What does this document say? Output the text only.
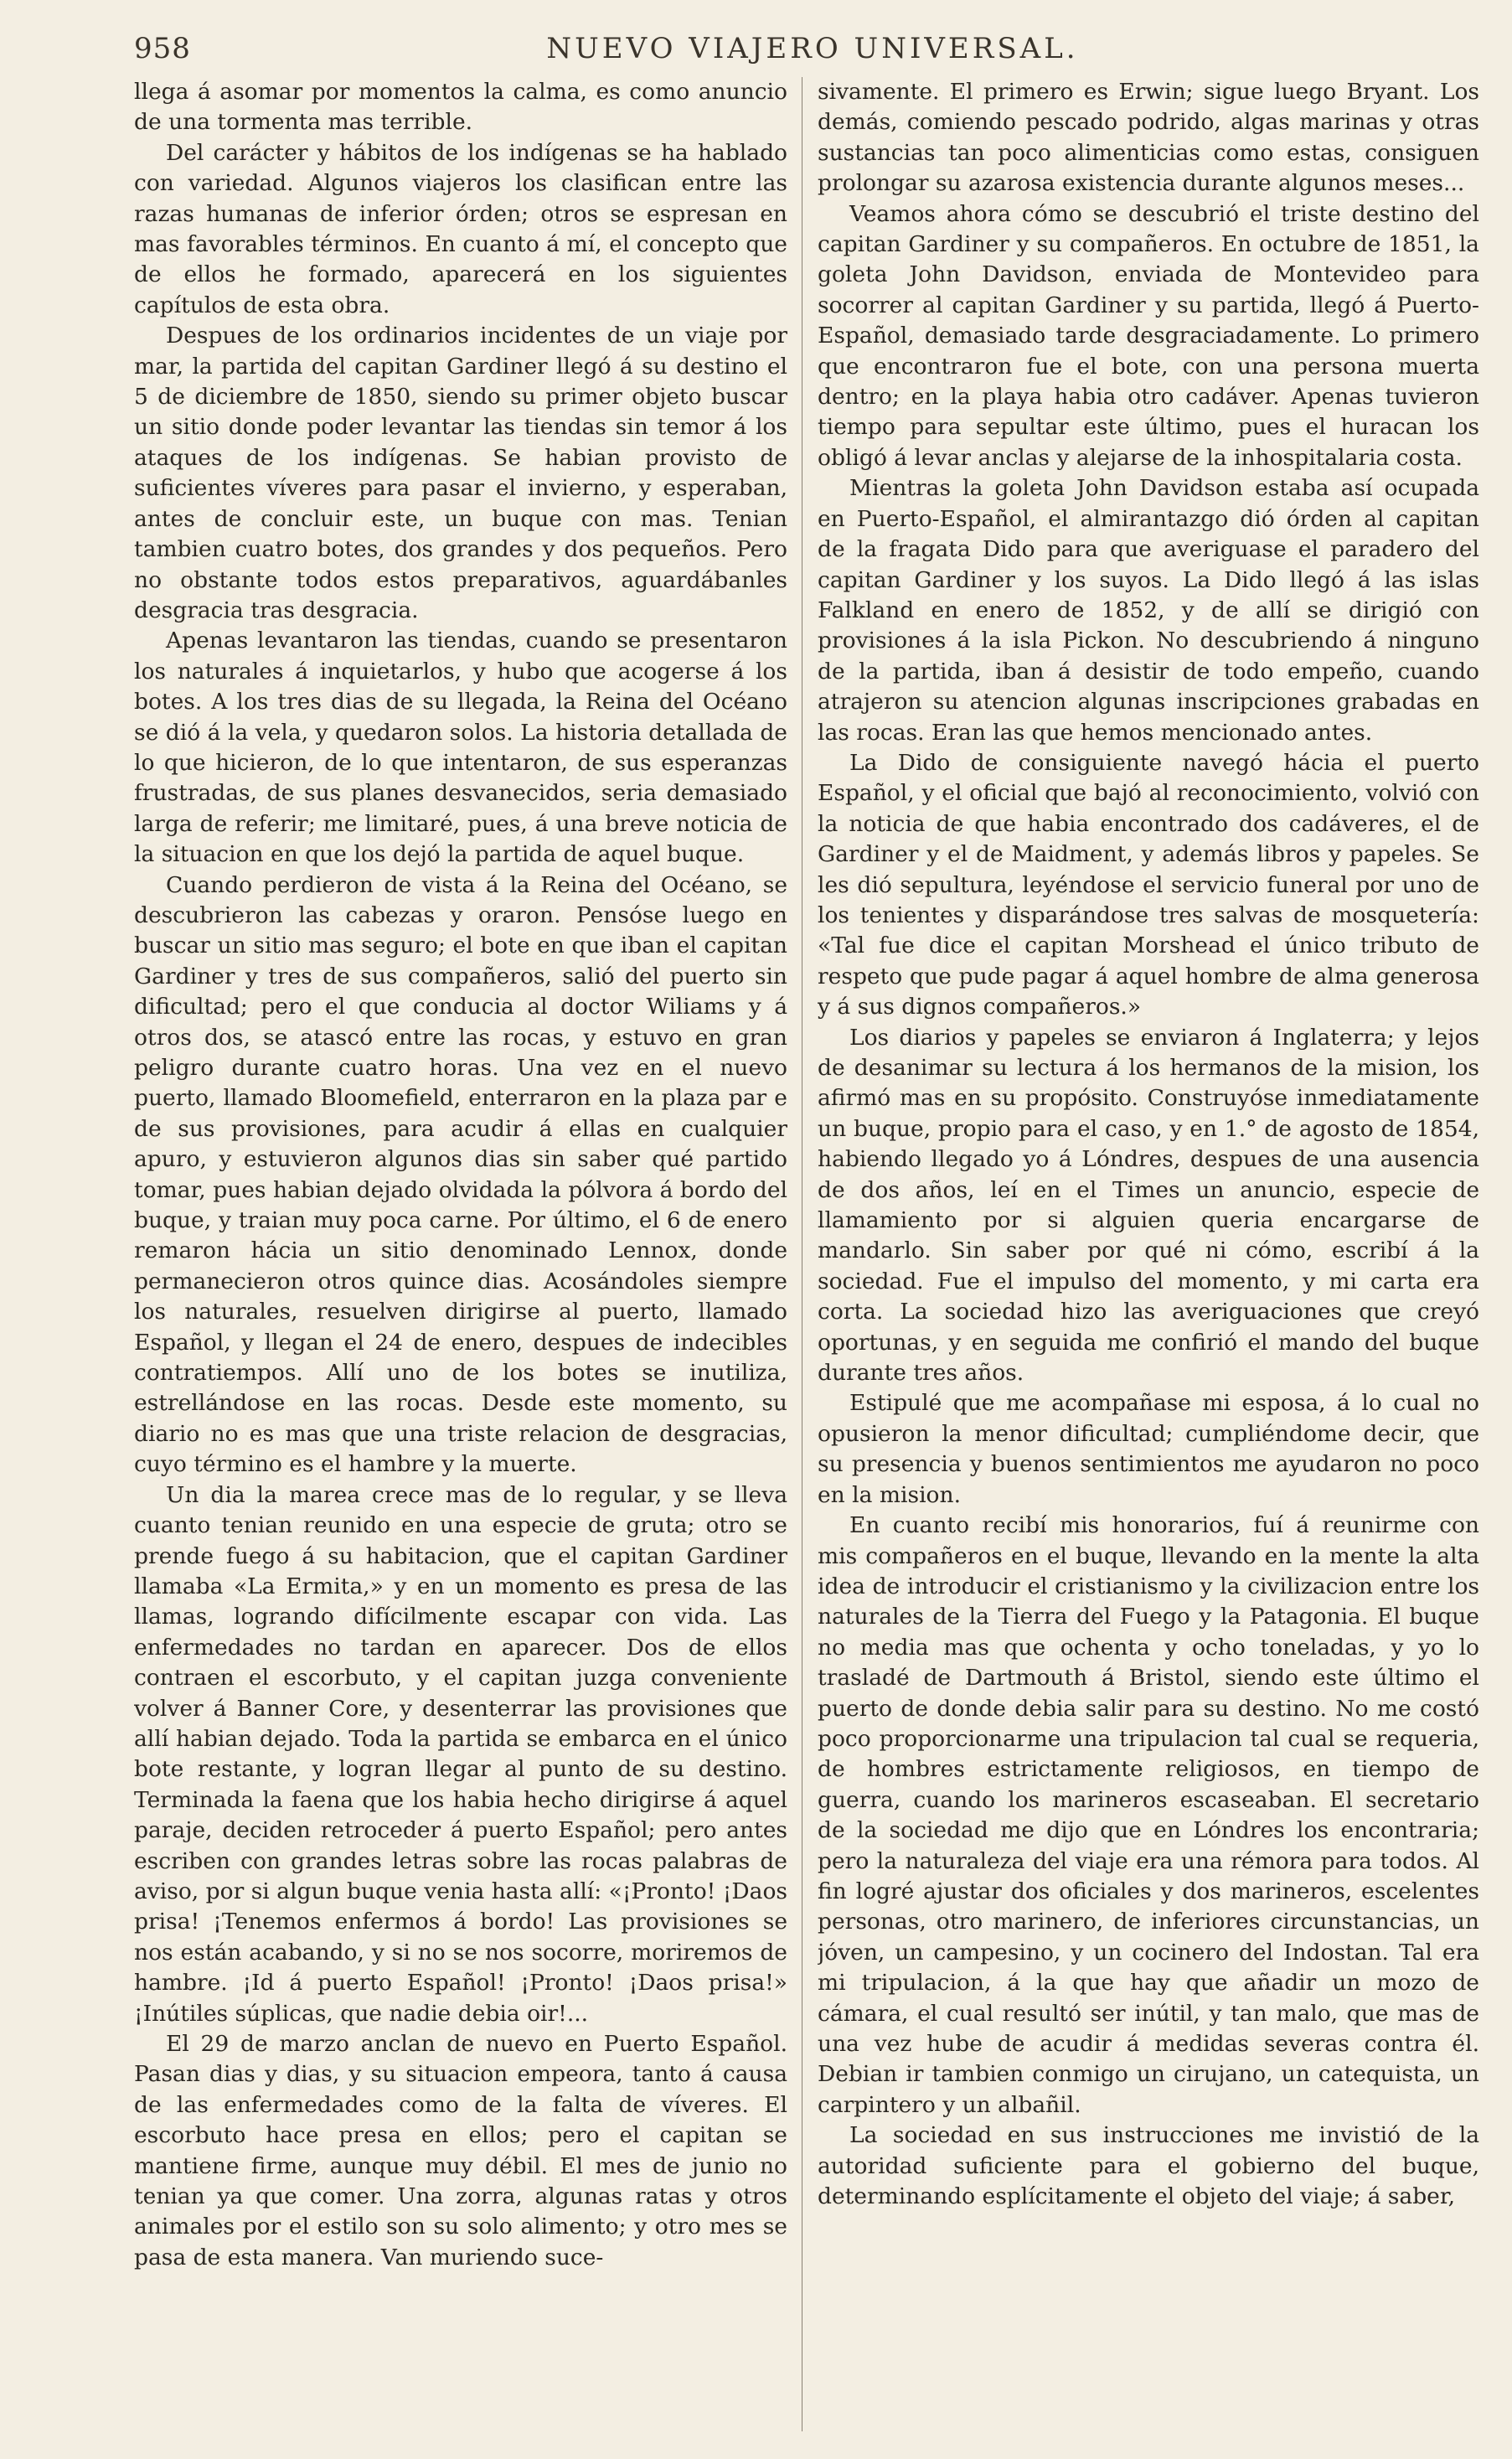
958	NUEVO VIAJERO UNIVERSAL.

llega á asomar por momentos la calma, es como anuncio de una tormenta mas terrible.

Del carácter y hábitos de los indígenas se ha hablado con variedad. Algunos viajeros los clasifican entre las razas humanas de inferior órden; otros se espresan en mas favorables términos. En cuanto á mí, el concepto que de ellos he formado, aparecerá en los siguientes capítulos de esta obra.

Despues de los ordinarios incidentes de un viaje por mar, la partida del capitan Gardiner llegó á su destino el 5 de diciembre de 1850, siendo su primer objeto buscar un sitio donde poder levantar las tiendas sin temor á los ataques de los indígenas. Se habian provisto de suficientes víveres para pasar el invierno, y esperaban, antes de concluir este, un buque con mas. Tenian tambien cuatro botes, dos grandes y dos pequeños. Pero no obstante todos estos preparativos, aguardábanles desgracia tras desgracia.

Apenas levantaron las tiendas, cuando se presentaron los naturales á inquietarlos, y hubo que acogerse á los botes. A los tres dias de su llegada, la Reina del Océano se dió á la vela, y quedaron solos. La historia detallada de lo que hicieron, de lo que intentaron, de sus esperanzas frustradas, de sus planes desvanecidos, seria demasiado larga de referir; me limitaré, pues, á una breve noticia de la situacion en que los dejó la partida de aquel buque.

Cuando perdieron de vista á la Reina del Océano, se descubrieron las cabezas y oraron. Pensóse luego en buscar un sitio mas seguro; el bote en que iban el capitan Gardiner y tres de sus compañeros, salió del puerto sin dificultad; pero el que conducia al doctor Wiliams y á otros dos, se atascó entre las rocas, y estuvo en gran peligro durante cuatro horas. Una vez en el nuevo puerto, llamado Bloomefield, enterraron en la plaza par e de sus provisiones, para acudir á ellas en cualquier apuro, y estuvieron algunos dias sin saber qué partido tomar, pues habian dejado olvidada la pólvora á bordo del buque, y traian muy poca carne. Por último, el 6 de enero remaron hácia un sitio denominado Lennox, donde permanecieron otros quince dias. Acosándoles siempre los naturales, resuelven dirigirse al puerto, llamado Español, y llegan el 24 de enero, despues de indecibles contratiempos. Allí uno de los botes se inutiliza, estrellándose en las rocas. Desde este momento, su diario no es mas que una triste relacion de desgracias, cuyo término es el hambre y la muerte.

Un dia la marea crece mas de lo regular, y se lleva cuanto tenian reunido en una especie de gruta; otro se prende fuego á su habitacion, que el capitan Gardiner llamaba «La Ermita,» y en un momento es presa de las llamas, logrando difícilmente escapar con vida. Las enfermedades no tardan en aparecer. Dos de ellos contraen el escorbuto, y el capitan juzga conveniente volver á Banner Core, y desenterrar las provisiones que allí habian dejado. Toda la partida se embarca en el único bote restante, y logran llegar al punto de su destino. Terminada la faena que los habia hecho dirigirse á aquel paraje, deciden retroceder á puerto Español; pero antes escriben con grandes letras sobre las rocas palabras de aviso, por si algun buque venia hasta allí: «¡Pronto! ¡Daos prisa! ¡Tenemos enfermos á bordo! Las provisiones se nos están acabando, y si no se nos socorre, moriremos de hambre. ¡Id á puerto Español! ¡Pronto! ¡Daos prisa!» ¡Inútiles súplicas, que nadie debia oir!...

El 29 de marzo anclan de nuevo en Puerto Español. Pasan dias y dias, y su situacion empeora, tanto á causa de las enfermedades como de la falta de víveres. El escorbuto hace presa en ellos; pero el capitan se mantiene firme, aunque muy débil. El mes de junio no tenian ya que comer. Una zorra, algunas ratas y otros animales por el estilo son su solo alimento; y otro mes se pasa de esta manera. Van muriendo suce-

sivamente. El primero es Erwin; sigue luego Bryant. Los demás, comiendo pescado podrido, algas marinas y otras sustancias tan poco alimenticias como estas, consiguen prolongar su azarosa existencia durante algunos meses...

Veamos ahora cómo se descubrió el triste destino del capitan Gardiner y su compañeros. En octubre de 1851, la goleta John Davidson, enviada de Montevideo para socorrer al capitan Gardiner y su partida, llegó á Puerto-Español, demasiado tarde desgraciadamente. Lo primero que encontraron fue el bote, con una persona muerta dentro; en la playa habia otro cadáver. Apenas tuvieron tiempo para sepultar este último, pues el huracan los obligó á levar anclas y alejarse de la inhospitalaria costa.

Mientras la goleta John Davidson estaba así ocupada en Puerto-Español, el almirantazgo dió órden al capitan de la fragata Dido para que averiguase el paradero del capitan Gardiner y los suyos. La Dido llegó á las islas Falkland en enero de 1852, y de allí se dirigió con provisiones á la isla Pickon. No descubriendo á ninguno de la partida, iban á desistir de todo empeño, cuando atrajeron su atencion algunas inscripciones grabadas en las rocas. Eran las que hemos mencionado antes.

La Dido de consiguiente navegó hácia el puerto Español, y el oficial que bajó al reconocimiento, volvió con la noticia de que habia encontrado dos cadáveres, el de Gardiner y el de Maidment, y además libros y papeles. Se les dió sepultura, leyéndose el servicio funeral por uno de los tenientes y disparándose tres salvas de mosquetería: «Tal fue dice el capitan Morshead el único tributo de respeto que pude pagar á aquel hombre de alma generosa y á sus dignos compañeros.»

Los diarios y papeles se enviaron á Inglaterra; y lejos de desanimar su lectura á los hermanos de la mision, los afirmó mas en su propósito. Construyóse inmediatamente un buque, propio para el caso, y en 1.° de agosto de 1854, habiendo llegado yo á Lóndres, despues de una ausencia de dos años, leí en el Times un anuncio, especie de llamamiento por si alguien queria encargarse de mandarlo. Sin saber por qué ni cómo, escribí á la sociedad. Fue el impulso del momento, y mi carta era corta. La sociedad hizo las averiguaciones que creyó oportunas, y en seguida me confirió el mando del buque durante tres años.

Estipulé que me acompañase mi esposa, á lo cual no opusieron la menor dificultad; cumpliéndome decir, que su presencia y buenos sentimientos me ayudaron no poco en la mision.

En cuanto recibí mis honorarios, fuí á reunirme con mis compañeros en el buque, llevando en la mente la alta idea de introducir el cristianismo y la civilizacion entre los naturales de la Tierra del Fuego y la Patagonia. El buque no media mas que ochenta y ocho toneladas, y yo lo trasladé de Dartmouth á Bristol, siendo este último el puerto de donde debia salir para su destino. No me costó poco proporcionarme una tripulacion tal cual se requeria, de hombres estrictamente religiosos, en tiempo de guerra, cuando los marineros escaseaban. El secretario de la sociedad me dijo que en Lóndres los encontraria; pero la naturaleza del viaje era una rémora para todos. Al fin logré ajustar dos oficiales y dos marineros, escelentes personas, otro marinero, de inferiores circunstancias, un jóven, un campesino, y un cocinero del Indostan. Tal era mi tripulacion, á la que hay que añadir un mozo de cámara, el cual resultó ser inútil, y tan malo, que mas de una vez hube de acudir á medidas severas contra él. Debian ir tambien conmigo un cirujano, un catequista, un carpintero y un albañil.

La sociedad en sus instrucciones me invistió de la autoridad suficiente para el gobierno del buque, determinando esplícitamente el objeto del viaje; á saber,
